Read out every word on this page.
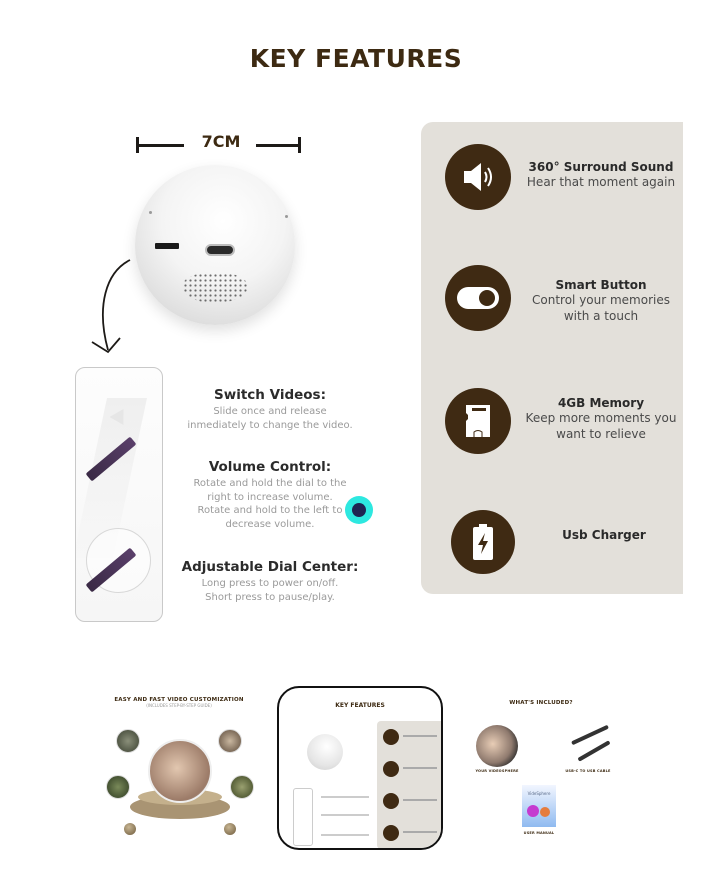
KEY FEATURES
7CM
Switch Videos:
Slide once and release
inmediately to change the video.
Volume Control:
Rotate and hold the dial to the
right to increase volume.
Rotate and hold to the left to
decrease volume.
Adjustable Dial Center:
Long press to power on/off.
Short press to pause/play.
360° Surround Sound
Hear that moment again
Smart Button
Control your memories
with a touch
4GB Memory
Keep more moments you
want to relieve
Usb Charger
EASY AND FAST VIDEO CUSTOMIZATION
(INCLUDES STEP-BY-STEP GUIDE)	KEY FEATURES	WHAT'S INCLUDED?
YOUR VIDEOSPHERE	USB-C TO USB CABLE
VideSphere
USER MANUAL
